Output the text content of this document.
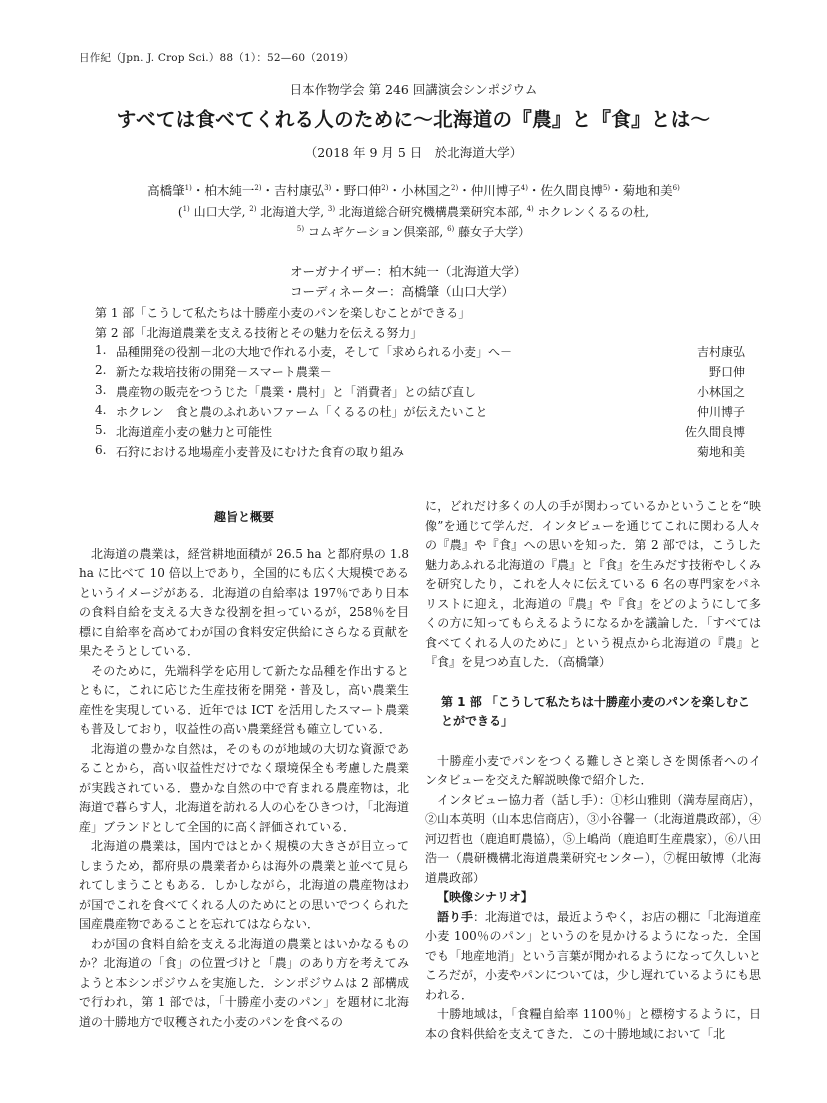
日作紀（Jpn. J. Crop Sci.）88（1）：52—60（2019）
日本作物学会 第 246 回講演会シンポジウム
すべては食べてくれる人のために〜北海道の『農』と『食』とは〜
（2018 年 9 月 5 日　於北海道大学）
高橋肇$^{1)}$・柏木純一$^{2)}$・吉村康弘$^{3)}$・野口伸$^{2)}$・小林国之$^{2)}$・仲川博子$^{4)}$・佐久間良博$^{5)}$・菊地和美$^{6)}$
($^{1)}$ 山口大学, $^{2)}$ 北海道大学, $^{3)}$ 北海道総合研究機構農業研究本部, $^{4)}$ ホクレンくるるの杜,
$^{5)}$ コムギケーション倶楽部, $^{6)}$ 藤女子大学）
オーガナイザー：柏木純一（北海道大学）
コーディネーター：高橋肇（山口大学）
第 1 部「こうして私たちは十勝産小麦のパンを楽しむことができる」
第 2 部「北海道農業を支える技術とその魅力を伝える努力」
1. 品種開発の役割－北の大地で作れる小麦，そして「求められる小麦」へ－	吉村康弘
2. 新たな栽培技術の開発－スマート農業－	野口伸
3. 農産物の販売をつうじた「農業・農村」と「消費者」との結び直し	小林国之
4. ホクレン　食と農のふれあいファーム「くるるの杜」が伝えたいこと	仲川博子
5. 北海道産小麦の魅力と可能性	佐久間良博
6. 石狩における地場産小麦普及にむけた食育の取り組み	菊地和美
趣旨と概要

北海道の農業は，経営耕地面積が 26.5 ha と都府県の 1.8 ha に比べて 10 倍以上であり，全国的にも広く大規模であるというイメージがある．北海道の自給率は 197％であり日本の食料自給を支える大きな役割を担っているが，258％を目標に自給率を高めてわが国の食料安定供給にさらなる貢献を果たそうとしている．

そのために，先端科学を応用して新たな品種を作出するとともに，これに応じた生産技術を開発・普及し，高い農業生産性を実現している．近年では ICT を活用したスマート農業も普及しており，収益性の高い農業経営も確立している．

北海道の豊かな自然は，そのものが地域の大切な資源であることから，高い収益性だけでなく環境保全も考慮した農業が実践されている．豊かな自然の中で育まれる農産物は，北海道で暮らす人，北海道を訪れる人の心をひきつけ，「北海道産」ブランドとして全国的に高く評価されている．

北海道の農業は，国内ではとかく規模の大きさが目立ってしまうため，都府県の農業者からは海外の農業と並べて見られてしまうこともある．しかしながら，北海道の農産物はわが国でこれを食べてくれる人のためにとの思いでつくられた国産農産物であることを忘れてはならない．

わが国の食料自給を支える北海道の農業とはいかなるものか？北海道の「食」の位置づけと「農」のあり方を考えてみようと本シンポジウムを実施した．シンポジウムは 2 部構成で行われ，第 1 部では，「十勝産小麦のパン」を題材に北海道の十勝地方で収穫された小麦のパンを食べるの

に，どれだけ多くの人の手が関わっているかということを“映像”を通じて学んだ．インタビューを通じてこれに関わる人々の『農』や『食』への思いを知った．第 2 部では，こうした魅力あふれる北海道の『農』と『食』を生みだす技術やしくみを研究したり，これを人々に伝えている 6 名の専門家をパネリストに迎え，北海道の『農』や『食』をどのようにして多くの方に知ってもらえるようになるかを議論した．「すべては食べてくれる人のために」という視点から北海道の『農』と『食』を見つめ直した．（高橋肇）

第 1 部 「こうして私たちは十勝産小麦のパンを楽しむことができる」

十勝産小麦でパンをつくる難しさと楽しさを関係者へのインタビューを交えた解説映像で紹介した．

インタビュー協力者（話し手）：①杉山雅則（満寿屋商店），②山本英明（山本忠信商店），③小谷馨一（北海道農政部），④河辺哲也（鹿追町農協），⑤上嶋尚（鹿追町生産農家），⑥八田浩一（農研機構北海道農業研究センター），⑦梶田敏博（北海道農政部）

【映像シナリオ】

語り手：北海道では，最近ようやく，お店の棚に「北海道産小麦 100％のパン」というのを見かけるようになった．全国でも「地産地消」という言葉が聞かれるようになって久しいところだが，小麦やパンについては，少し遅れているようにも思われる．

十勝地域は，「食糧自給率 1100％」と標榜するように，日本の食料供給を支えてきた．この十勝地域において「北
